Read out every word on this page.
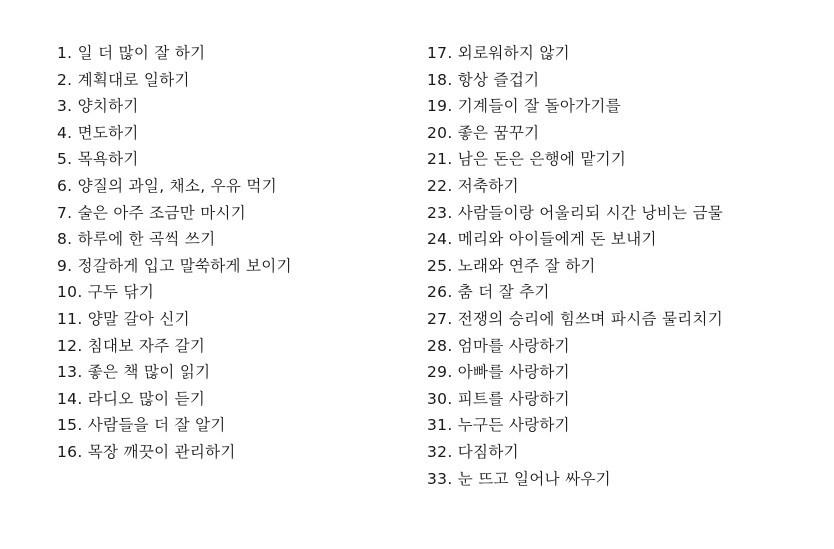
1. 일 더 많이 잘 하기
2. 계획대로 일하기
3. 양치하기
4. 면도하기
5. 목욕하기
6. 양질의 과일, 채소, 우유 먹기
7. 술은 아주 조금만 마시기
8. 하루에 한 곡씩 쓰기
9. 정갈하게 입고 말쑥하게 보이기
10. 구두 닦기
11. 양말 갈아 신기
12. 침대보 자주 갈기
13. 좋은 책 많이 읽기
14. 라디오 많이 듣기
15. 사람들을 더 잘 알기
16. 목장 깨끗이 관리하기
17. 외로워하지 않기
18. 항상 즐겁기
19. 기계들이 잘 돌아가기를
20. 좋은 꿈꾸기
21. 남은 돈은 은행에 맡기기
22. 저축하기
23. 사람들이랑 어울리되 시간 낭비는 금물
24. 메리와 아이들에게 돈 보내기
25. 노래와 연주 잘 하기
26. 춤 더 잘 추기
27. 전쟁의 승리에 힘쓰며 파시즘 물리치기
28. 엄마를 사랑하기
29. 아빠를 사랑하기
30. 피트를 사랑하기
31. 누구든 사랑하기
32. 다짐하기
33. 눈 뜨고 일어나 싸우기
